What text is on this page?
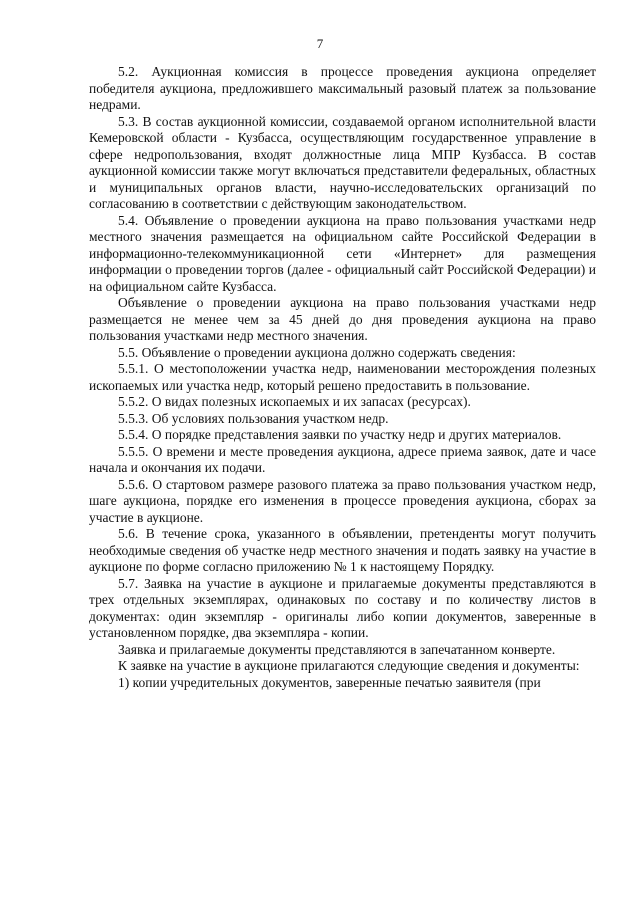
7

5.2. Аукционная комиссия в процессе проведения аукциона определяет победителя аукциона, предложившего максимальный разовый платеж за пользование недрами.

5.3. В состав аукционной комиссии, создаваемой органом исполнительной власти Кемеровской области - Кузбасса, осуществляющим государственное управление в сфере недропользования, входят должностные лица МПР Кузбасса. В состав аукционной комиссии также могут включаться представители федеральных, областных и муниципальных органов власти, научно-исследовательских организаций по согласованию в соответствии с действующим законодательством.

5.4. Объявление о проведении аукциона на право пользования участками недр местного значения размещается на официальном сайте Российской Федерации в информационно-телекоммуникационной сети «Интернет» для размещения информации о проведении торгов (далее - официальный сайт Российской Федерации) и на официальном сайте Кузбасса.

Объявление о проведении аукциона на право пользования участками недр размещается не менее чем за 45 дней до дня проведения аукциона на право пользования участками недр местного значения.

5.5. Объявление о проведении аукциона должно содержать сведения:

5.5.1. О местоположении участка недр, наименовании месторождения полезных ископаемых или участка недр, который решено предоставить в пользование.

5.5.2. О видах полезных ископаемых и их запасах (ресурсах).

5.5.3. Об условиях пользования участком недр.

5.5.4. О порядке представления заявки по участку недр и других материалов.

5.5.5. О времени и месте проведения аукциона, адресе приема заявок, дате и часе начала и окончания их подачи.

5.5.6. О стартовом размере разового платежа за право пользования участком недр, шаге аукциона, порядке его изменения в процессе проведения аукциона, сборах за участие в аукционе.

5.6. В течение срока, указанного в объявлении, претенденты могут получить необходимые сведения об участке недр местного значения и подать заявку на участие в аукционе по форме согласно приложению № 1 к настоящему Порядку.

5.7. Заявка на участие в аукционе и прилагаемые документы представляются в трех отдельных экземплярах, одинаковых по составу и по количеству листов в документах: один экземпляр - оригиналы либо копии документов, заверенные в установленном порядке, два экземпляра - копии.

Заявка и прилагаемые документы представляются в запечатанном конверте.

К заявке на участие в аукционе прилагаются следующие сведения и документы:

1) копии учредительных документов, заверенные печатью заявителя (при
